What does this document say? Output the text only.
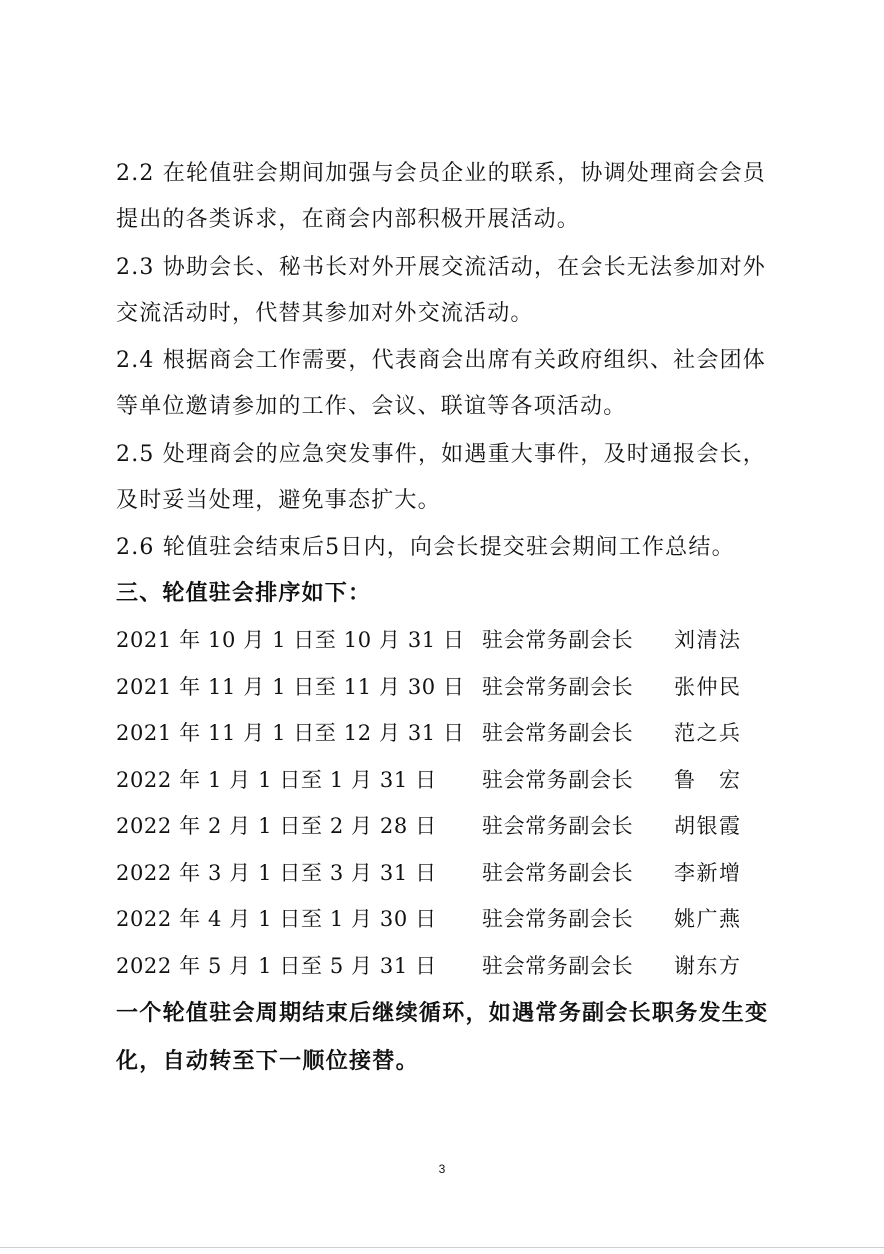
2.2 在轮值驻会期间加强与会员企业的联系，协调处理商会会员
提出的各类诉求，在商会内部积极开展活动。
2.3 协助会长、秘书长对外开展交流活动，在会长无法参加对外
交流活动时，代替其参加对外交流活动。
2.4 根据商会工作需要，代表商会出席有关政府组织、社会团体
等单位邀请参加的工作、会议、联谊等各项活动。
2.5 处理商会的应急突发事件，如遇重大事件，及时通报会长，
及时妥当处理，避免事态扩大。
2.6 轮值驻会结束后5日内，向会长提交驻会期间工作总结。
三、轮值驻会排序如下：
2021 年 10 月 1 日至 10 月 31 日 驻会常务副会长 刘清法
2021 年 11 月 1 日至 11 月 30 日 驻会常务副会长 张仲民
2021 年 11 月 1 日至 12 月 31 日 驻会常务副会长 范之兵
2022 年 1 月 1 日至 1 月 31 日 驻会常务副会长 鲁　宏
2022 年 2 月 1 日至 2 月 28 日 驻会常务副会长 胡银霞
2022 年 3 月 1 日至 3 月 31 日 驻会常务副会长 李新增
2022 年 4 月 1 日至 1 月 30 日 驻会常务副会长 姚广燕
2022 年 5 月 1 日至 5 月 31 日 驻会常务副会长 谢东方
一个轮值驻会周期结束后继续循环，如遇常务副会长职务发生变
化，自动转至下一顺位接替。
3
